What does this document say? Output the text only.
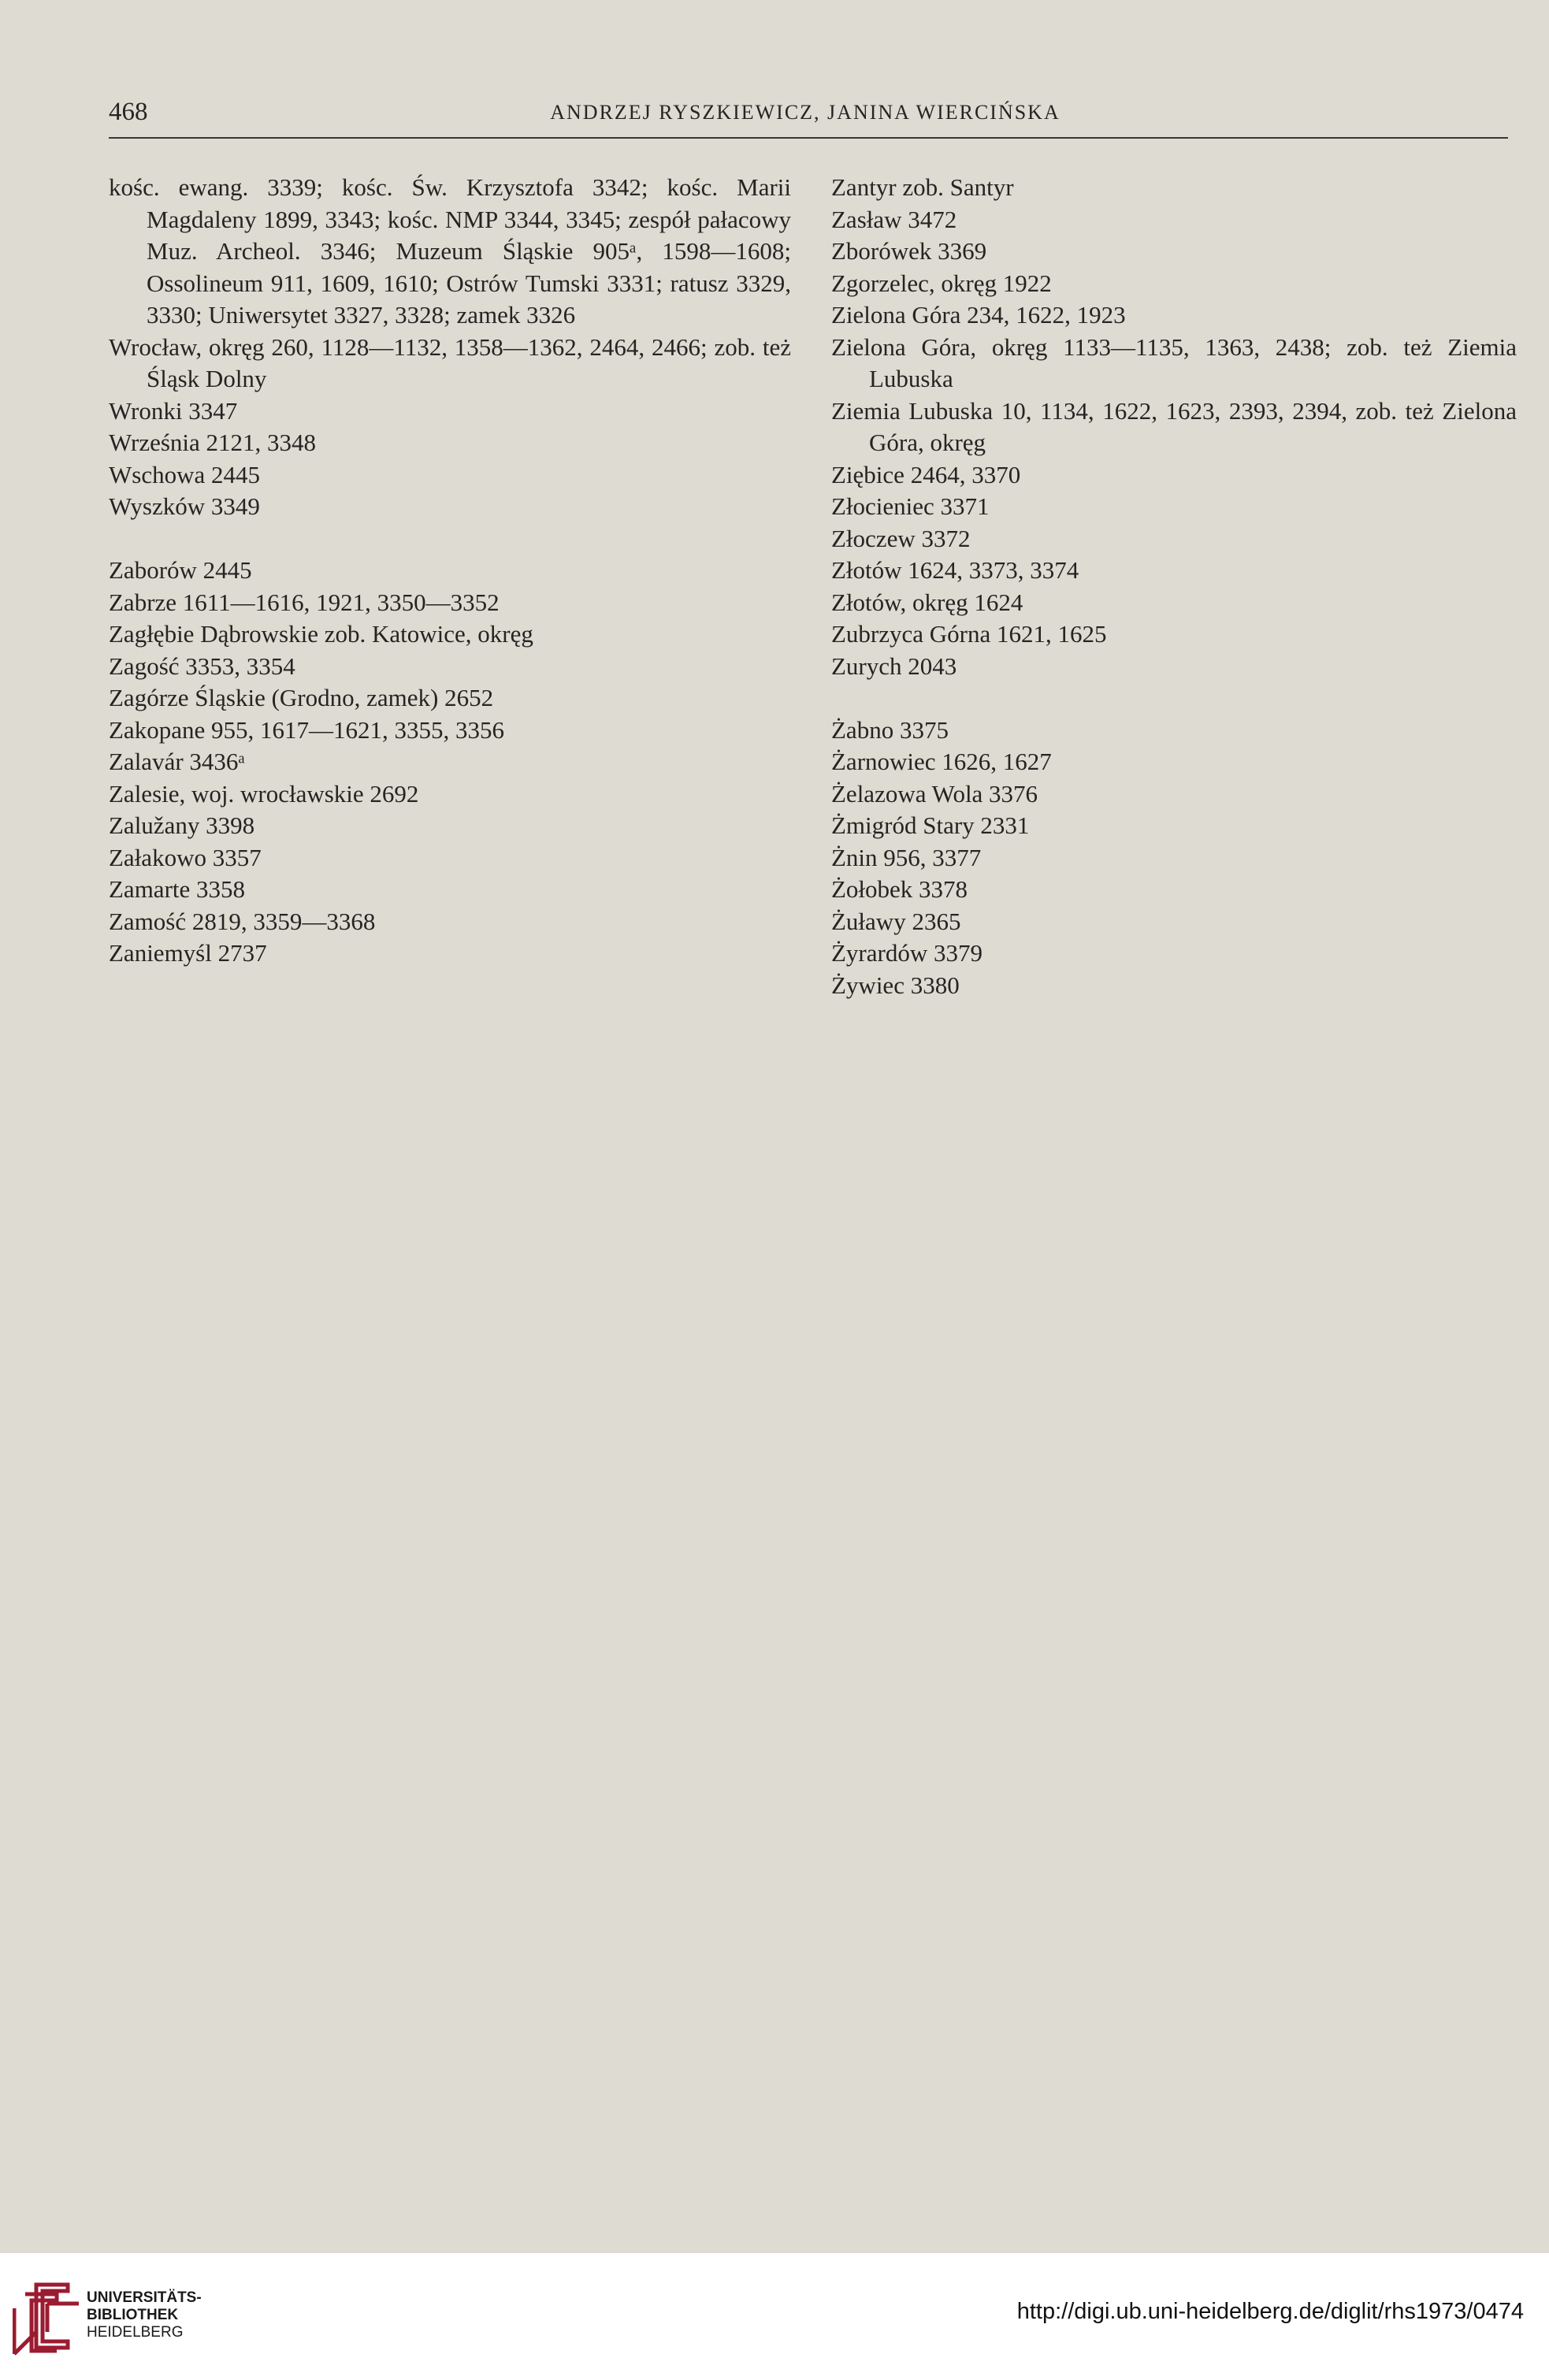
468	ANDRZEJ RYSZKIEWICZ, JANINA WIERCIŃSKA
kośc. ewang. 3339; kośc. Św. Krzysztofa 3342; kośc. Marii Magdaleny 1899, 3343; kośc. NMP 3344, 3345; zespół pałacowy Muz. Archeol. 3346; Muzeum Śląskie 905ᵃ, 1598—1608; Ossolineum 911, 1609, 1610; Ostrów Tumski 3331; ratusz 3329, 3330; Uniwersytet 3327, 3328; zamek 3326
Wrocław, okręg 260, 1128—1132, 1358—1362, 2464, 2466; zob. też Śląsk Dolny
Wronki 3347
Września 2121, 3348
Wschowa 2445
Wyszków 3349
Zaborów 2445
Zabrze 1611—1616, 1921, 3350—3352
Zagłębie Dąbrowskie zob. Katowice, okręg
Zagość 3353, 3354
Zagórze Śląskie (Grodno, zamek) 2652
Zakopane 955, 1617—1621, 3355, 3356
Zalavár 3436ᵃ
Zalesie, woj. wrocławskie 2692
Zalužany 3398
Załakowo 3357
Zamarte 3358
Zamość 2819, 3359—3368
Zaniemyśl 2737
Zantyr zob. Santyr
Zasław 3472
Zborówek 3369
Zgorzelec, okręg 1922
Zielona Góra 234, 1622, 1923
Zielona Góra, okręg 1133—1135, 1363, 2438; zob. też Ziemia Lubuska
Ziemia Lubuska 10, 1134, 1622, 1623, 2393, 2394, zob. też Zielona Góra, okręg
Ziębice 2464, 3370
Złocieniec 3371
Złoczew 3372
Złotów 1624, 3373, 3374
Złotów, okręg 1624
Zubrzyca Górna 1621, 1625
Zurych 2043
Żabno 3375
Żarnowiec 1626, 1627
Żelazowa Wola 3376
Żmigród Stary 2331
Żnin 956, 3377
Żołobek 3378
Żuławy 2365
Żyrardów 3379
Żywiec 3380
UNIVERSITÄTS-
BIBLIOTHEK
HEIDELBERG
http://digi.ub.uni-heidelberg.de/diglit/rhs1973/0474
